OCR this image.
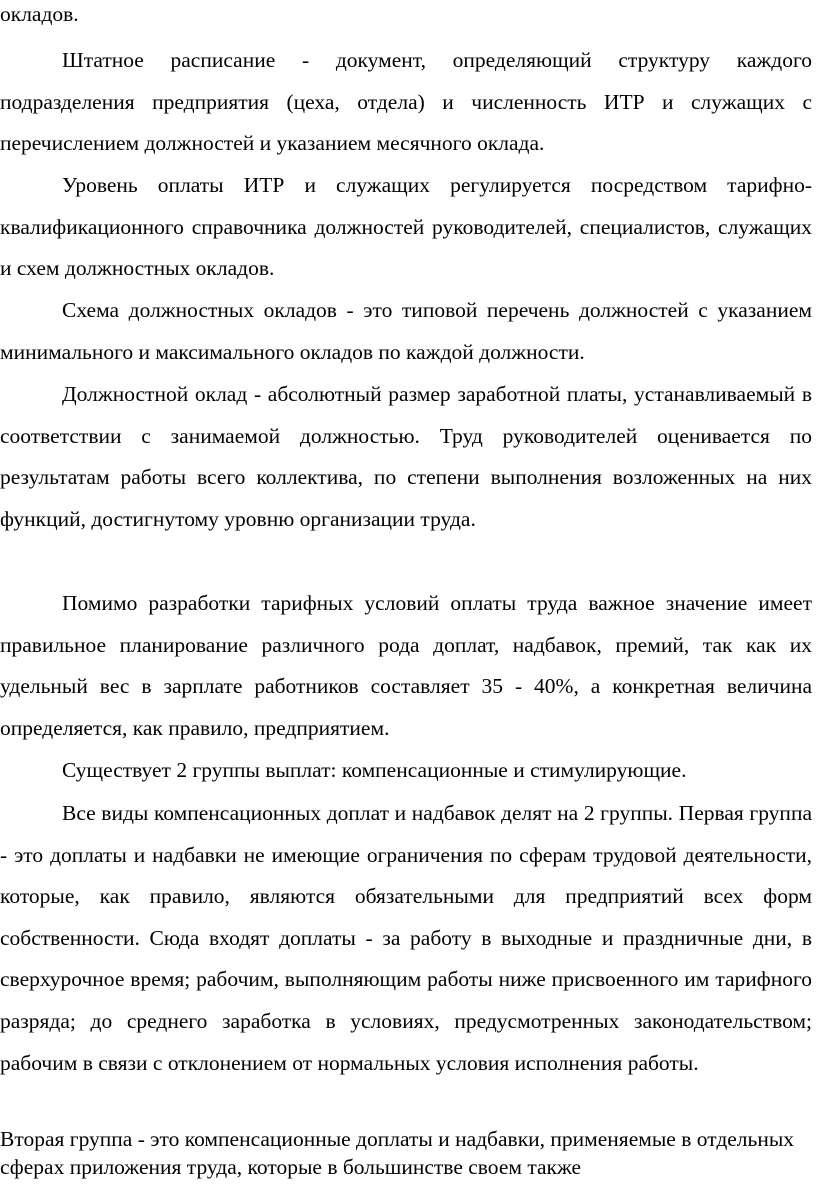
окладов.

Штатное расписание - документ, определяющий структуру каждого подразделения предприятия (цеха, отдела) и численность ИТР и служащих с перечислением должностей и указанием месячного оклада.

Уровень оплаты ИТР и служащих регулируется посредством тарифно-квалификационного справочника должностей руководителей, специалистов, служащих и схем должностных окладов.

Схема должностных окладов - это типовой перечень должностей с указанием минимального и максимального окладов по каждой должности.

Должностной оклад - абсолютный размер заработной платы, устанавливаемый в соответствии с занимаемой должностью. Труд руководителей оценивается по результатам работы всего коллектива, по степени выполнения возложенных на них функций, достигнутому уровню организации труда.

Помимо разработки тарифных условий оплаты труда важное значение имеет правильное планирование различного рода доплат, надбавок, премий, так как их удельный вес в зарплате работников составляет 35 - 40%, а конкретная величина определяется, как правило, предприятием.

Существует 2 группы выплат: компенсационные и стимулирующие.

Все виды компенсационных доплат и надбавок делят на 2 группы. Первая группа - это доплаты и надбавки не имеющие ограничения по сферам трудовой деятельности, которые, как правило, являются обязательными для предприятий всех форм собственности. Сюда входят доплаты - за работу в выходные и праздничные дни, в сверхурочное время; рабочим, выполняющим работы ниже присвоенного им тарифного разряда; до среднего заработка в условиях, предусмотренных законодательством; рабочим в связи с отклонением от нормальных условия исполнения работы.

Вторая группа - это компенсационные доплаты и надбавки, применяемые в отдельных сферах приложения труда, которые в большинстве своем также
